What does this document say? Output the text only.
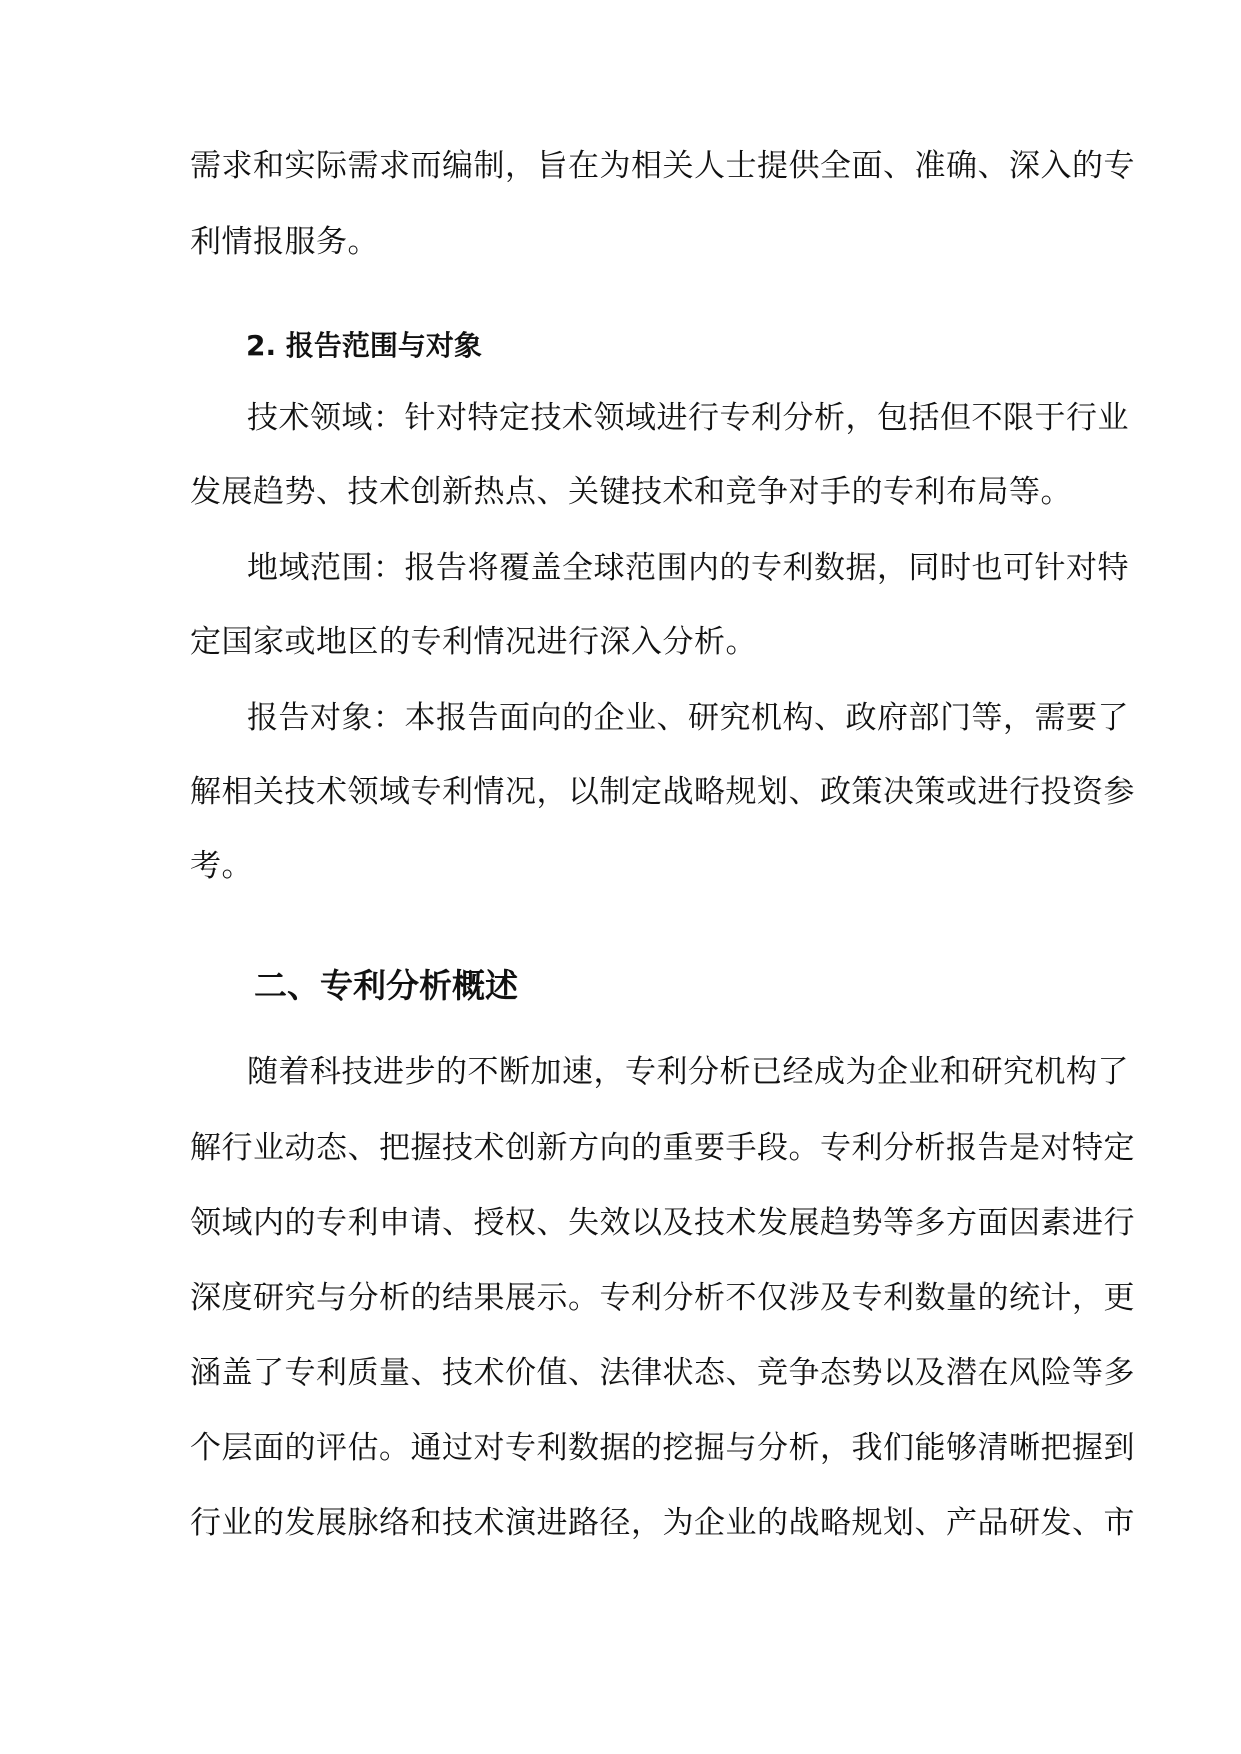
需求和实际需求而编制，旨在为相关人士提供全面、准确、深入的专
利情报服务。
2. 报告范围与对象
技术领域：针对特定技术领域进行专利分析，包括但不限于行业
发展趋势、技术创新热点、关键技术和竞争对手的专利布局等。
地域范围：报告将覆盖全球范围内的专利数据，同时也可针对特
定国家或地区的专利情况进行深入分析。
报告对象：本报告面向的企业、研究机构、政府部门等，需要了
解相关技术领域专利情况，以制定战略规划、政策决策或进行投资参
考。
二、专利分析概述
随着科技进步的不断加速，专利分析已经成为企业和研究机构了
解行业动态、把握技术创新方向的重要手段。专利分析报告是对特定
领域内的专利申请、授权、失效以及技术发展趋势等多方面因素进行
深度研究与分析的结果展示。专利分析不仅涉及专利数量的统计，更
涵盖了专利质量、技术价值、法律状态、竞争态势以及潜在风险等多
个层面的评估。通过对专利数据的挖掘与分析，我们能够清晰把握到
行业的发展脉络和技术演进路径，为企业的战略规划、产品研发、市
